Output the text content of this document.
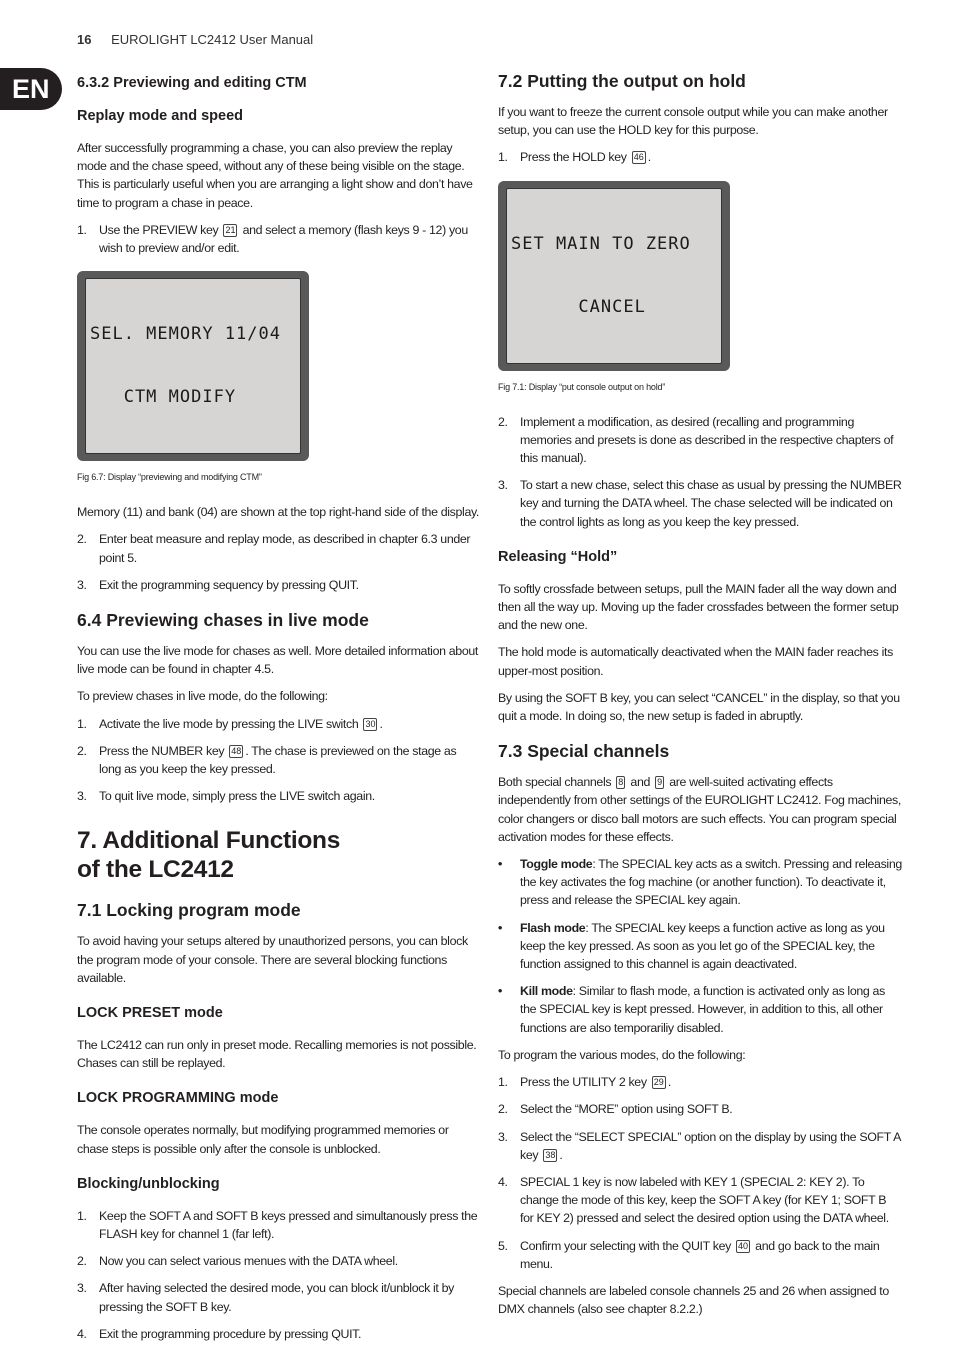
16 EUROLIGHT LC2412 User Manual
EN	6.3.2 Previewing and editing CTM
Replay mode and speed

After successfully programming a chase, you can also preview the replay mode and the chase speed, without any of these being visible on the stage. This is particularly useful when you are arranging a light show and don’t have time to program a chase in peace.

1. Use the PREVIEW key 21 and select a memory (flash keys 9 - 12) you wish to preview and/or edit.

SEL. MEMORY 11/04

CTM MODIFY

Fig 6.7: Display “previewing and modifying CTM”

Memory (11) and bank (04) are shown at the top right-hand side of the display.

2. Enter beat measure and replay mode, as described in chapter 6.3 under point 5.
3. Exit the programming sequency by pressing QUIT.
6.4 Previewing chases in live mode

You can use the live mode for chases as well. More detailed information about live mode can be found in chapter 4.5.

To preview chases in live mode, do the following:

1. Activate the live mode by pressing the LIVE switch 30 .
2. Press the NUMBER key 48 . The chase is previewed on the stage as long as you keep the key pressed.
3. To quit live mode, simply press the LIVE switch again.
7. Additional Functions
of the LC2412
7.1 Locking program mode

To avoid having your setups altered by unauthorized persons, you can block the program mode of your console. There are several blocking functions available.

LOCK PRESET mode

The LC2412 can run only in preset mode. Recalling memories is not possible. Chases can still be replayed.

LOCK PROGRAMMING mode

The console operates normally, but modifying programmed memories or chase steps is possible only after the console is unblocked.

Blocking/unblocking
1. Keep the SOFT A and SOFT B keys pressed and simultanously press the FLASH key for channel 1 (far left).
2. Now you can select various menues with the DATA wheel.
3. After having selected the desired mode, you can block it/unblock it by pressing the SOFT B key.
4. Exit the programming procedure by pressing QUIT.
7.2 Putting the output on hold

If you want to freeze the current console output while you can make another setup, you can use the HOLD key for this purpose.

1. Press the HOLD key 46 .

SET MAIN TO ZERO

CANCEL

Fig 7.1: Display “put console output on hold”
2. Implement a modification, as desired (recalling and programming memories and presets is done as described in the respective chapters of this manual).
3. To start a new chase, select this chase as usual by pressing the NUMBER key and turning the DATA wheel. The chase selected will be indicated on the control lights as long as you keep the key pressed.
Releasing “Hold”

To softly crossfade between setups, pull the MAIN fader all the way down and then all the way up. Moving up the fader crossfades between the former setup and the new one.

The hold mode is automatically deactivated when the MAIN fader reaches its upper-most position.

By using the SOFT B key, you can select “CANCEL” in the display, so that you quit a mode. In doing so, the new setup is faded in abruptly.

7.3 Special channels

Both special channels 8 and 9 are well-suited activating effects independently from other settings of the EUROLIGHT LC2412. Fog machines, color changers or disco ball motors are such effects. You can program special activation modes for these effects.

• Toggle mode: The SPECIAL key acts as a switch. Pressing and releasing the key activates the fog machine (or another function). To deactivate it, press and release the SPECIAL key again.
• Flash mode: The SPECIAL key keeps a function active as long as you keep the key pressed. As soon as you let go of the SPECIAL key, the function assigned to this channel is again deactivated.
• Kill mode: Similar to flash mode, a function is activated only as long as the SPECIAL key is kept pressed. However, in addition to this, all other functions are also temporariliy disabled.

To program the various modes, do the following:

1. Press the UTILITY 2 key 29 .
2. Select the “MORE” option using SOFT B.
3. Select the “SELECT SPECIAL” option on the display by using the SOFT A key 38 .
4. SPECIAL 1 key is now labeled with KEY 1 (SPECIAL 2: KEY 2). To change the mode of this key, keep the SOFT A key (for KEY 1; SOFT B for KEY 2) pressed and select the desired option using the DATA wheel.
5. Confirm your selecting with the QUIT key 40 and go back to the main menu.

Special channels are labeled console channels 25 and 26 when assigned to DMX channels (also see chapter 8.2.2.)
